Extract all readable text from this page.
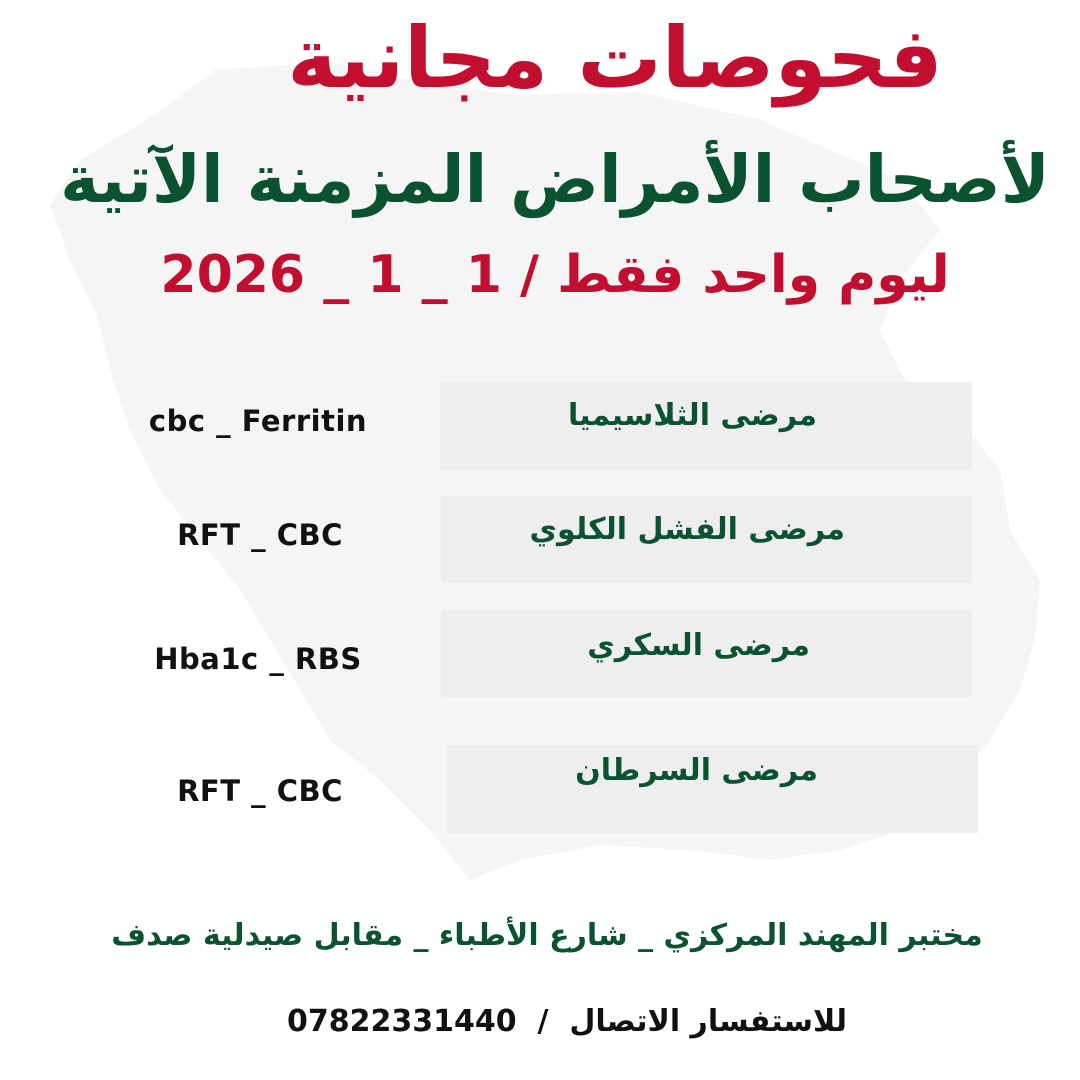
فحوصات مجانية
لأصحاب الأمراض المزمنة الآتية
2026 _ 1 _ 1 ليوم واحد فقط /
مرضى الثلاسيميا
cbc _ Ferritin
مرضى الفشل الكلوي
RFT _ CBC
مرضى السكري
Hba1c _ RBS
مرضى السرطان
RFT _ CBC
مختبر المهند المركزي _ شارع الأطباء _ مقابل صيدلية صدف
07822331440  /  للاستفسار الاتصال
